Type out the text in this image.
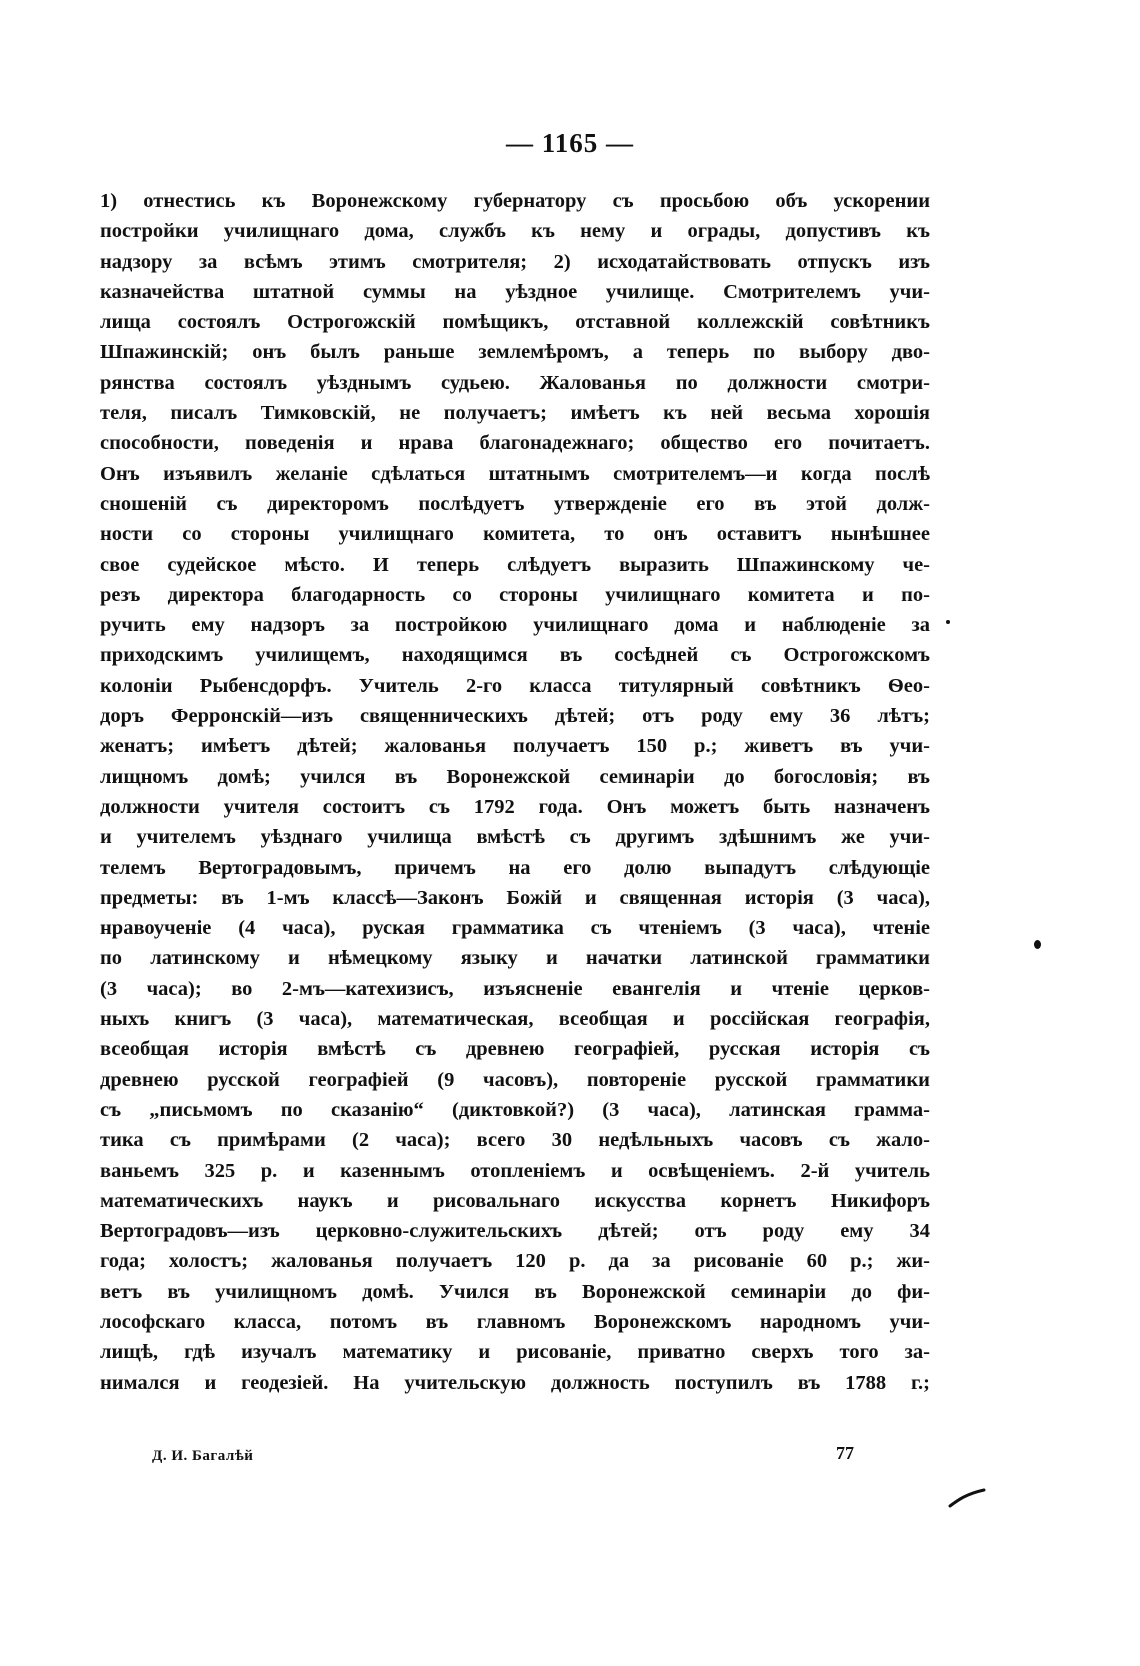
— 1165 —
1) отнестись къ Воронежскому губернатору съ просьбою объ ускорении
постройки училищнаго дома, службъ къ нему и ограды, допустивъ къ
надзору за всѣмъ этимъ смотрителя; 2) исходатайствовать отпускъ изъ
казначейства штатной суммы на уѣздное училище. Смотрителемъ учи-
лища состоялъ Острогожскій помѣщикъ, отставной коллежскій совѣтникъ
Шпажинскій; онъ былъ раньше землемѣромъ, а теперь по выбору дво-
рянства состоялъ уѣзднымъ судьею. Жалованья по должности смотри-
теля, писалъ Тимковскій, не получаетъ; имѣетъ къ ней весьма хорошія
способности, поведенія и нрава благонадежнаго; общество его почитаетъ.
Онъ изъявилъ желаніе сдѣлаться штатнымъ смотрителемъ—и когда послѣ
сношеній съ директоромъ послѣдуетъ утвержденіе его въ этой долж-
ности со стороны училищнаго комитета, то онъ оставитъ нынѣшнее
свое судейское мѣсто. И теперь слѣдуетъ выразить Шпажинскому че-
резъ директора благодарность со стороны училищнаго комитета и по-
ручить ему надзоръ за постройкою училищнаго дома и наблюденіе за
приходскимъ училищемъ, находящимся въ сосѣдней съ Острогожскомъ
колоніи Рыбенсдорфъ. Учитель 2-го класса титулярный совѣтникъ Ѳео-
доръ Ферронскій—изъ священническихъ дѣтей; отъ роду ему 36 лѣтъ;
женатъ; имѣетъ дѣтей; жалованья получаетъ 150 р.; живетъ въ учи-
лищномъ домѣ; учился въ Воронежской семинаріи до богословія; въ
должности учителя состоитъ съ 1792 года. Онъ можетъ быть назначенъ
и учителемъ уѣзднаго училища вмѣстѣ съ другимъ здѣшнимъ же учи-
телемъ Вертоградовымъ, причемъ на его долю выпадутъ слѣдующіе
предметы: въ 1-мъ классѣ—Законъ Божій и священная исторія (3 часа),
нравоученіе (4 часа), руская грамматика съ чтеніемъ (3 часа), чтеніе
по латинскому и нѣмецкому языку и начатки латинской грамматики
(3 часа); во 2-мъ—катехизисъ, изъясненіе евангелія и чтеніе церков-
ныхъ книгъ (3 часа), математическая, всеобщая и россійская географія,
всеобщая исторія вмѣстѣ съ древнею географіей, русская исторія съ
древнею русской географіей (9 часовъ), повтореніе русской грамматики
съ „письмомъ по сказанію“ (диктовкой?) (3 часа), латинская грамма-
тика съ примѣрами (2 часа); всего 30 недѣльныхъ часовъ съ жало-
ваньемъ 325 р. и казеннымъ отопленіемъ и освѣщеніемъ. 2-й учитель
математическихъ наукъ и рисовальнаго искусства корнетъ Никифоръ
Вертоградовъ—изъ церковно-служительскихъ дѣтей; отъ роду ему 34
года; холостъ; жалованья получаетъ 120 р. да за рисованіе 60 р.; жи-
ветъ въ училищномъ домѣ. Учился въ Воронежской семинаріи до фи-
лософскаго класса, потомъ въ главномъ Воронежскомъ народномъ учи-
лищѣ, гдѣ изучалъ математику и рисованіе, приватно сверхъ того за-
нимался и геодезіей. На учительскую должность поступилъ въ 1788 г.;
Д. И. Багалѣй	77
